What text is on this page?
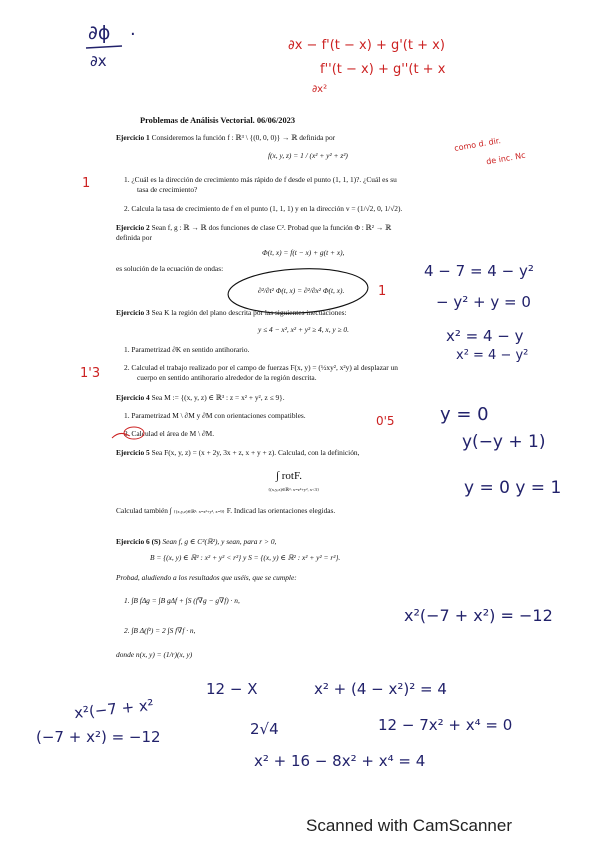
Problemas de Análisis Vectorial. 06/06/2023
Ejercicio 1 Consideremos la función f : ℝ³ \ {(0, 0, 0)} → ℝ definida por
f(x, y, z) = 1 / (x² + y² + z²)
1. ¿Cuál es la dirección de crecimiento más rápido de f desde el punto (1, 1, 1)?. ¿Cuál es su
tasa de crecimiento?
2. Calcula la tasa de crecimiento de f en el punto (1, 1, 1) y en la dirección v = (1/√2, 0, 1/√2).
Ejercicio 2 Sean f, g : ℝ → ℝ dos funciones de clase C². Probad que la función Φ : ℝ² → ℝ
definida por
Φ(t, x) = f(t − x) + g(t + x),
es solución de la ecuación de ondas:
∂²/∂t² Φ(t, x) = ∂²/∂x² Φ(t, x).
Ejercicio 3 Sea K la región del plano descrita por las siguientes inecuaciones:
y ≤ 4 − x², x² + y² ≥ 4, x, y ≥ 0.
1. Parametrizad ∂K en sentido antihorario.
2. Calculad el trabajo realizado por el campo de fuerzas F(x, y) = (½xy², x²y) al desplazar un
cuerpo en sentido antihorario alrededor de la región descrita.
Ejercicio 4 Sea M := {(x, y, z) ∈ ℝ³ : z = x² + y², z ≤ 9}.
1. Parametrizad M \ ∂M y ∂M con orientaciones compatibles.
2. Calculad el área de M \ ∂M.
Ejercicio 5 Sea F(x, y, z) = (x + 2y, 3x + z, x + y + z). Calculad, con la definición,
∫ rotF.
{(x,y,z)∈ℝ³: x=z²+y², x<3}
Calculad también ∫ {(x,y,z)∈ℝ³: x=z²+y², x=9} F. Indicad las orientaciones elegidas.
Ejercicio 6 (S) Sean f, g ∈ C²(ℝ²), y sean, para r > 0,
B = {(x, y) ∈ ℝ² : x² + y² < r²} y S = {(x, y) ∈ ℝ² : x² + y² = r²}.
Probad, aludiendo a los resultados que uséis, que se cumple:
1. ∫B fΔg = ∫B gΔf + ∫S (f∇g − g∇f) · n,
2. ∫B Δ(f²) = 2 ∫S f∇f · n,
donde n(x, y) = (1/r)(x, y)
∂ϕ
∂x
·
∂x − f'(t − x) + g'(t + x)
f''(t − x) + g''(t + x
∂x²
como d. dir.
de inc. Nc
1
4 − 7 = 4 − y²
− y² + y = 0
x² = 4 − y
x² = 4 − y²
1
1'3
0'5	y = 0
y(−y + 1)
y = 0 y = 1
x²(−7 + x²) = −12
x²(−7 + x²
(−7 + x²) = −12
12 − X	x² + (4 − x²)² = 4
2√4	12 − 7x² + x⁴ = 0
x² + 16 − 8x² + x⁴ = 4
Scanned with CamScanner
